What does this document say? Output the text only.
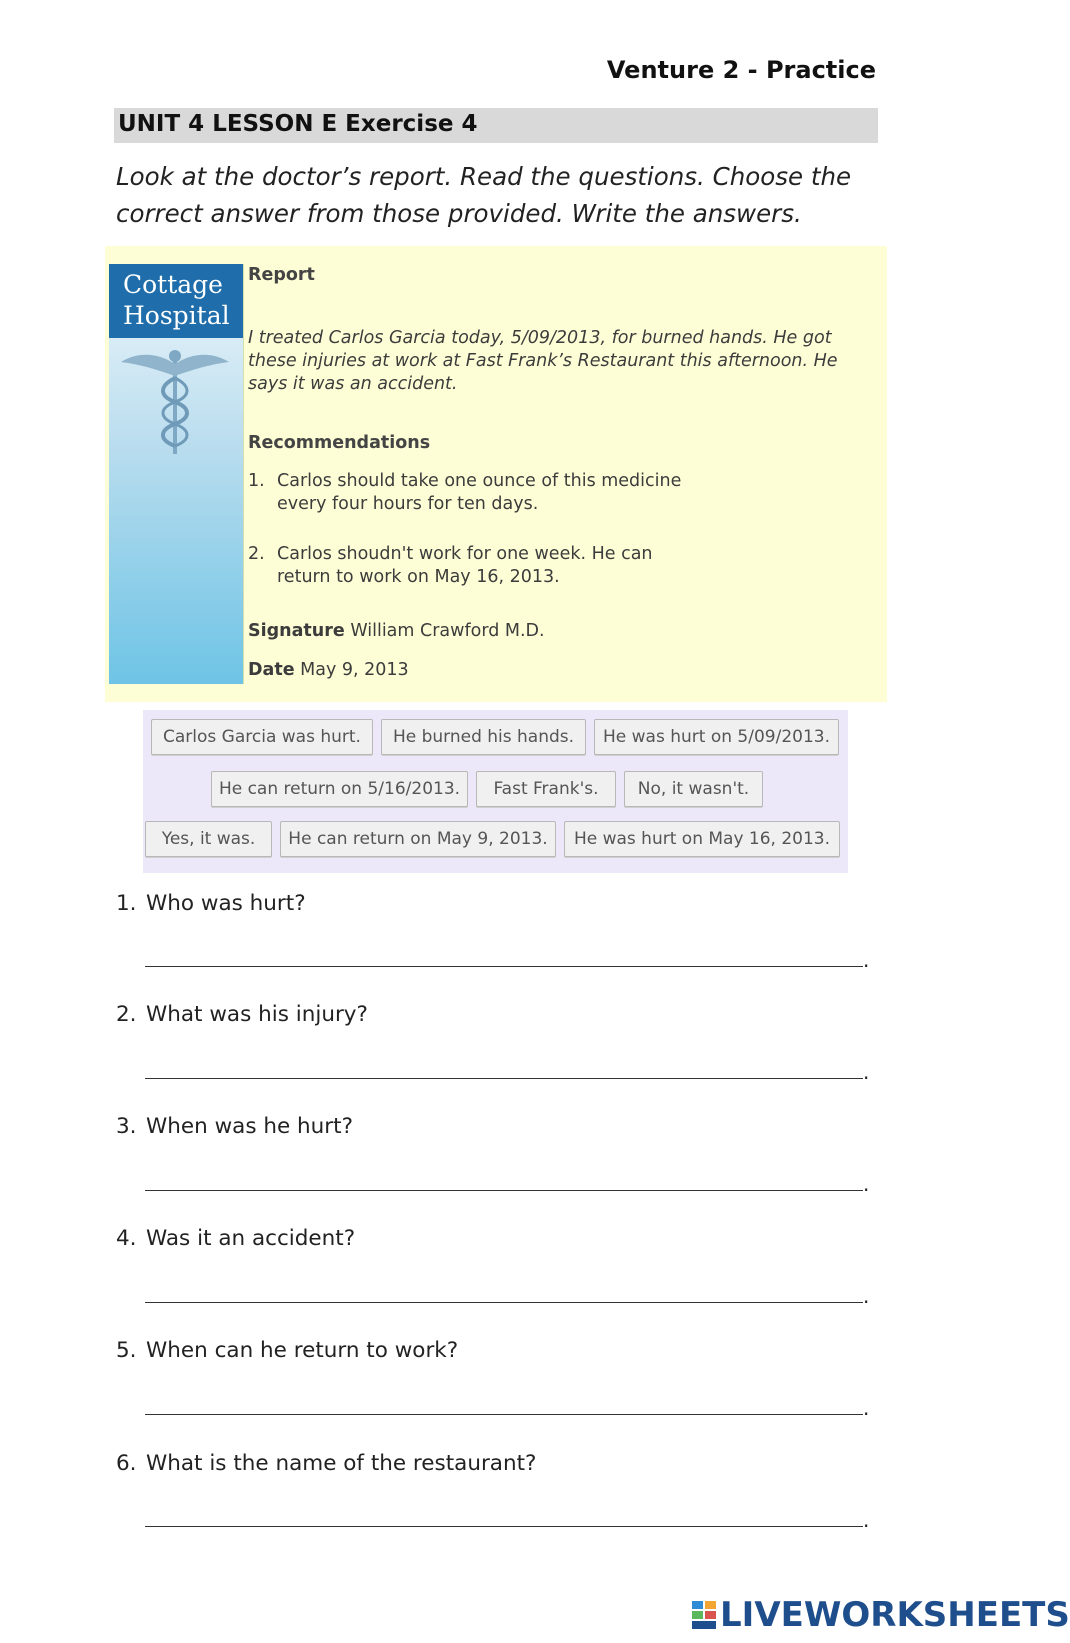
Venture 2 - Practice
UNIT 4 LESSON E Exercise 4
Look at the doctor’s report. Read the questions. Choose the correct answer from those provided. Write the answers.
Cottage
Hospital
Report
I treated Carlos Garcia today, 5/09/2013, for burned hands. He got these injuries at work at Fast Frank’s Restaurant this afternoon. He says it was an accident.
Recommendations
1. Carlos should take one ounce of this medicine every four hours for ten days.
2. Carlos shoudn't work for one week. He can return to work on May 16, 2013.
Signature William Crawford M.D.
Date May 9, 2013
Carlos Garcia was hurt.	He burned his hands.	He was hurt on 5/09/2013.
He can return on 5/16/2013.	Fast Frank's.	No, it wasn't.
Yes, it was.	He can return on May 9, 2013.	He was hurt on May 16, 2013.
1. Who was hurt?
.
2. What was his injury?
.
3. When was he hurt?
.
4. Was it an accident?
.
5. When can he return to work?
.
6. What is the name of the restaurant?
.
LIVEWORKSHEETS
